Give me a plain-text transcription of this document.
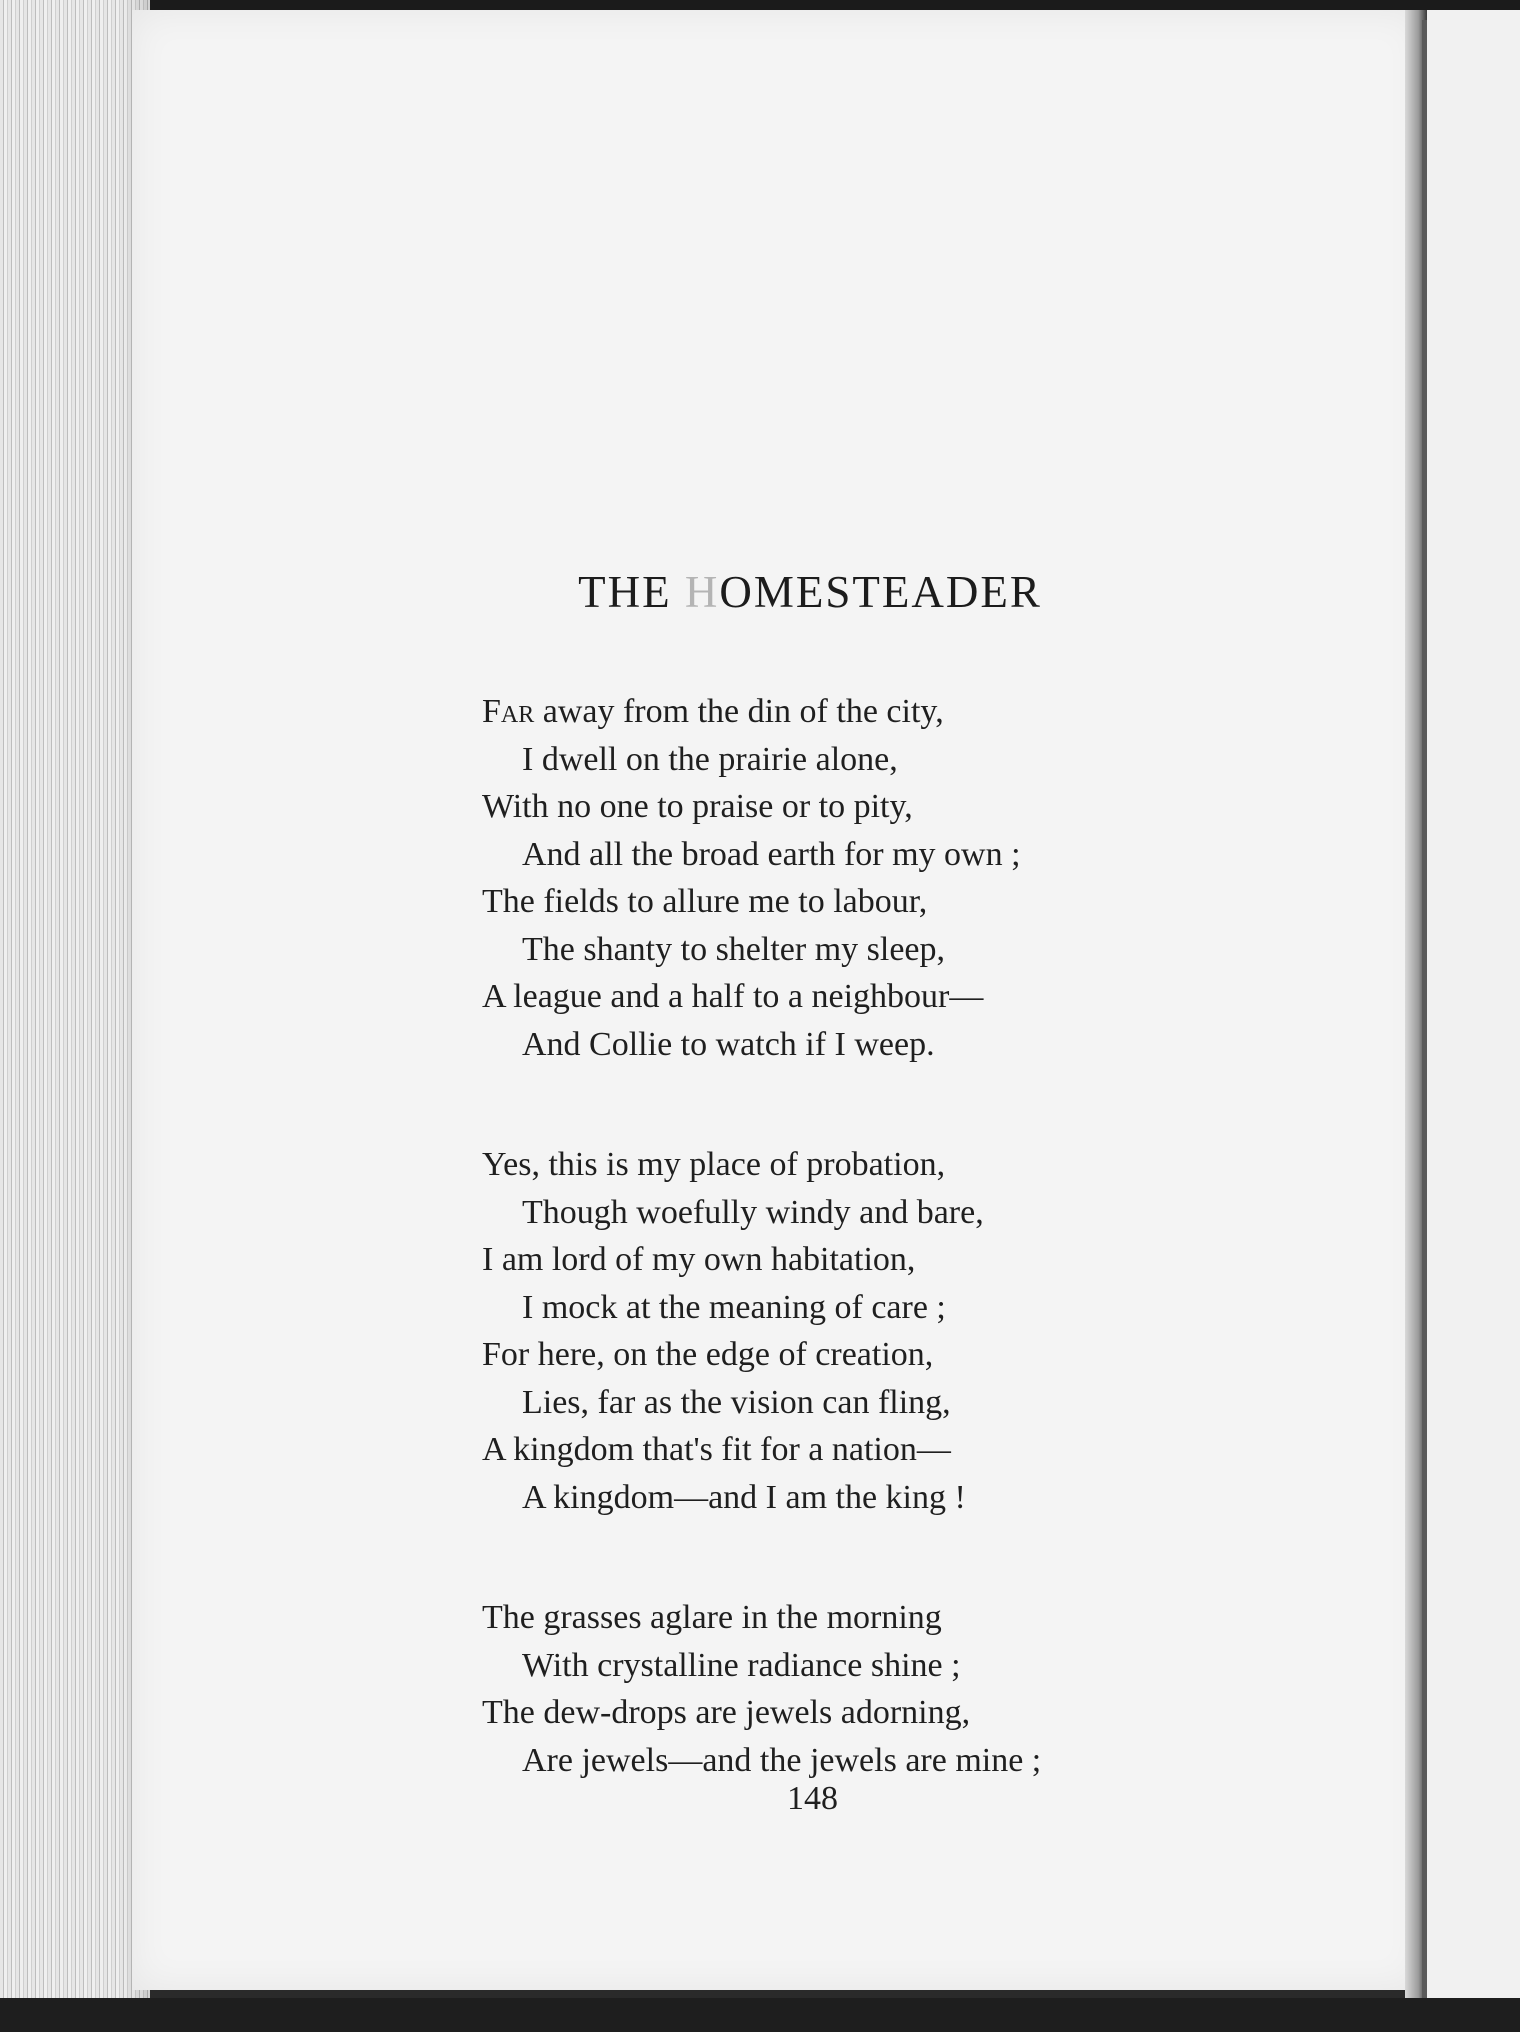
THE HOMESTEADER
Far away from the din of the city,
I dwell on the prairie alone,
With no one to praise or to pity,
And all the broad earth for my own ;
The fields to allure me to labour,
The shanty to shelter my sleep,
A league and a half to a neighbour—
And Collie to watch if I weep.
Yes, this is my place of probation,
Though woefully windy and bare,
I am lord of my own habitation,
I mock at the meaning of care ;
For here, on the edge of creation,
Lies, far as the vision can fling,
A kingdom that's fit for a nation—
A kingdom—and I am the king !
The grasses aglare in the morning
With crystalline radiance shine ;
The dew-drops are jewels adorning,
Are jewels—and the jewels are mine ;
148
